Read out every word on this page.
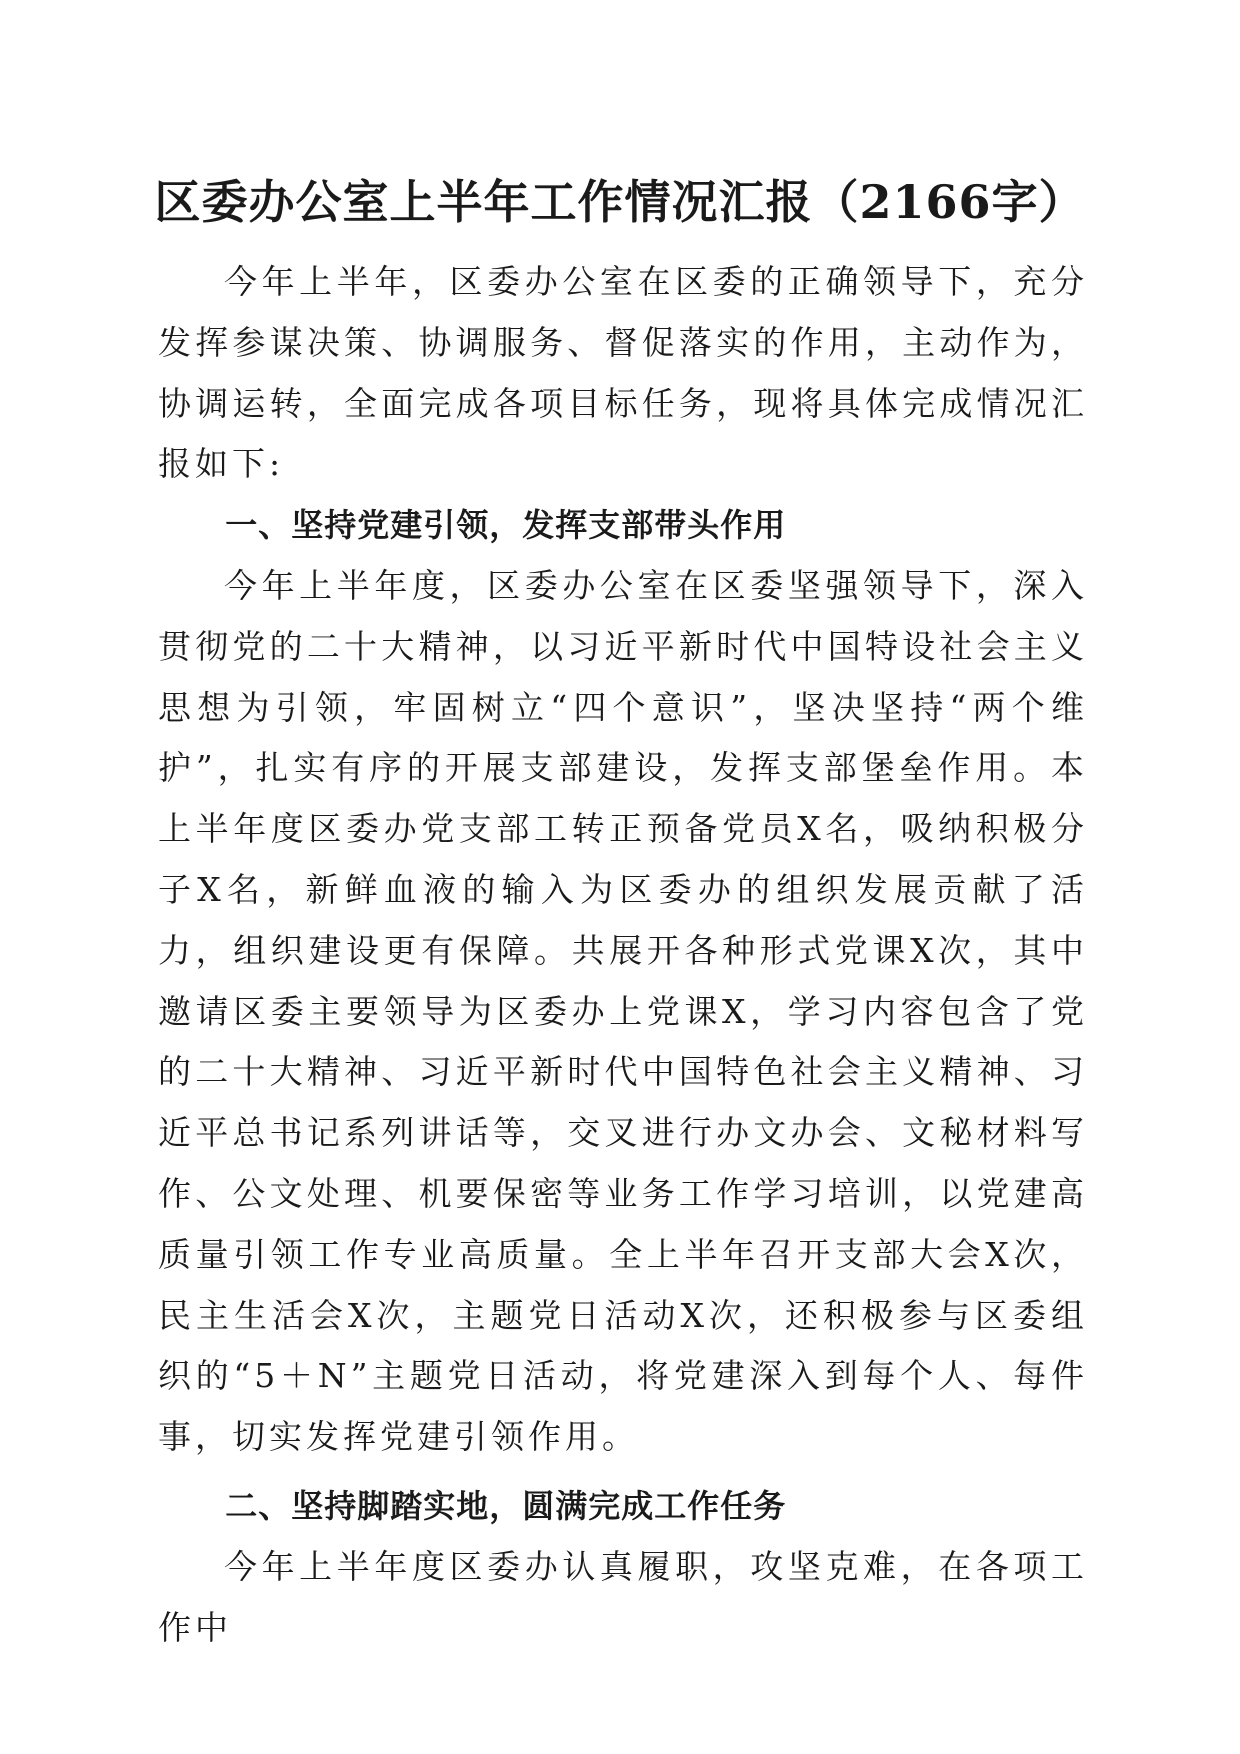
区委办公室上半年工作情况汇报（2166字）

今年上半年，区委办公室在区委的正确领导下，充分发挥参谋决策、协调服务、督促落实的作用，主动作为，协调运转，全面完成各项目标任务，现将具体完成情况汇报如下:

一、坚持党建引领，发挥支部带头作用

今年上半年度，区委办公室在区委坚强领导下，深入贯彻党的二十大精神，以习近平新时代中国特设社会主义思想为引领，牢固树立“四个意识”，坚决坚持“两个维护”，扎实有序的开展支部建设，发挥支部堡垒作用。本上半年度区委办党支部工转正预备党员X名，吸纳积极分子X名，新鲜血液的输入为区委办的组织发展贡献了活力，组织建设更有保障。共展开各种形式党课X次，其中邀请区委主要领导为区委办上党课X，学习内容包含了党的二十大精神、习近平新时代中国特色社会主义精神、习近平总书记系列讲话等，交叉进行办文办会、文秘材料写作、公文处理、机要保密等业务工作学习培训，以党建高质量引领工作专业高质量。全上半年召开支部大会X次，民主生活会X次，主题党日活动X次，还积极参与区委组织的“5＋N”主题党日活动，将党建深入到每个人、每件事，切实发挥党建引领作用。

二、坚持脚踏实地，圆满完成工作任务

今年上半年度区委办认真履职，攻坚克难，在各项工作中
